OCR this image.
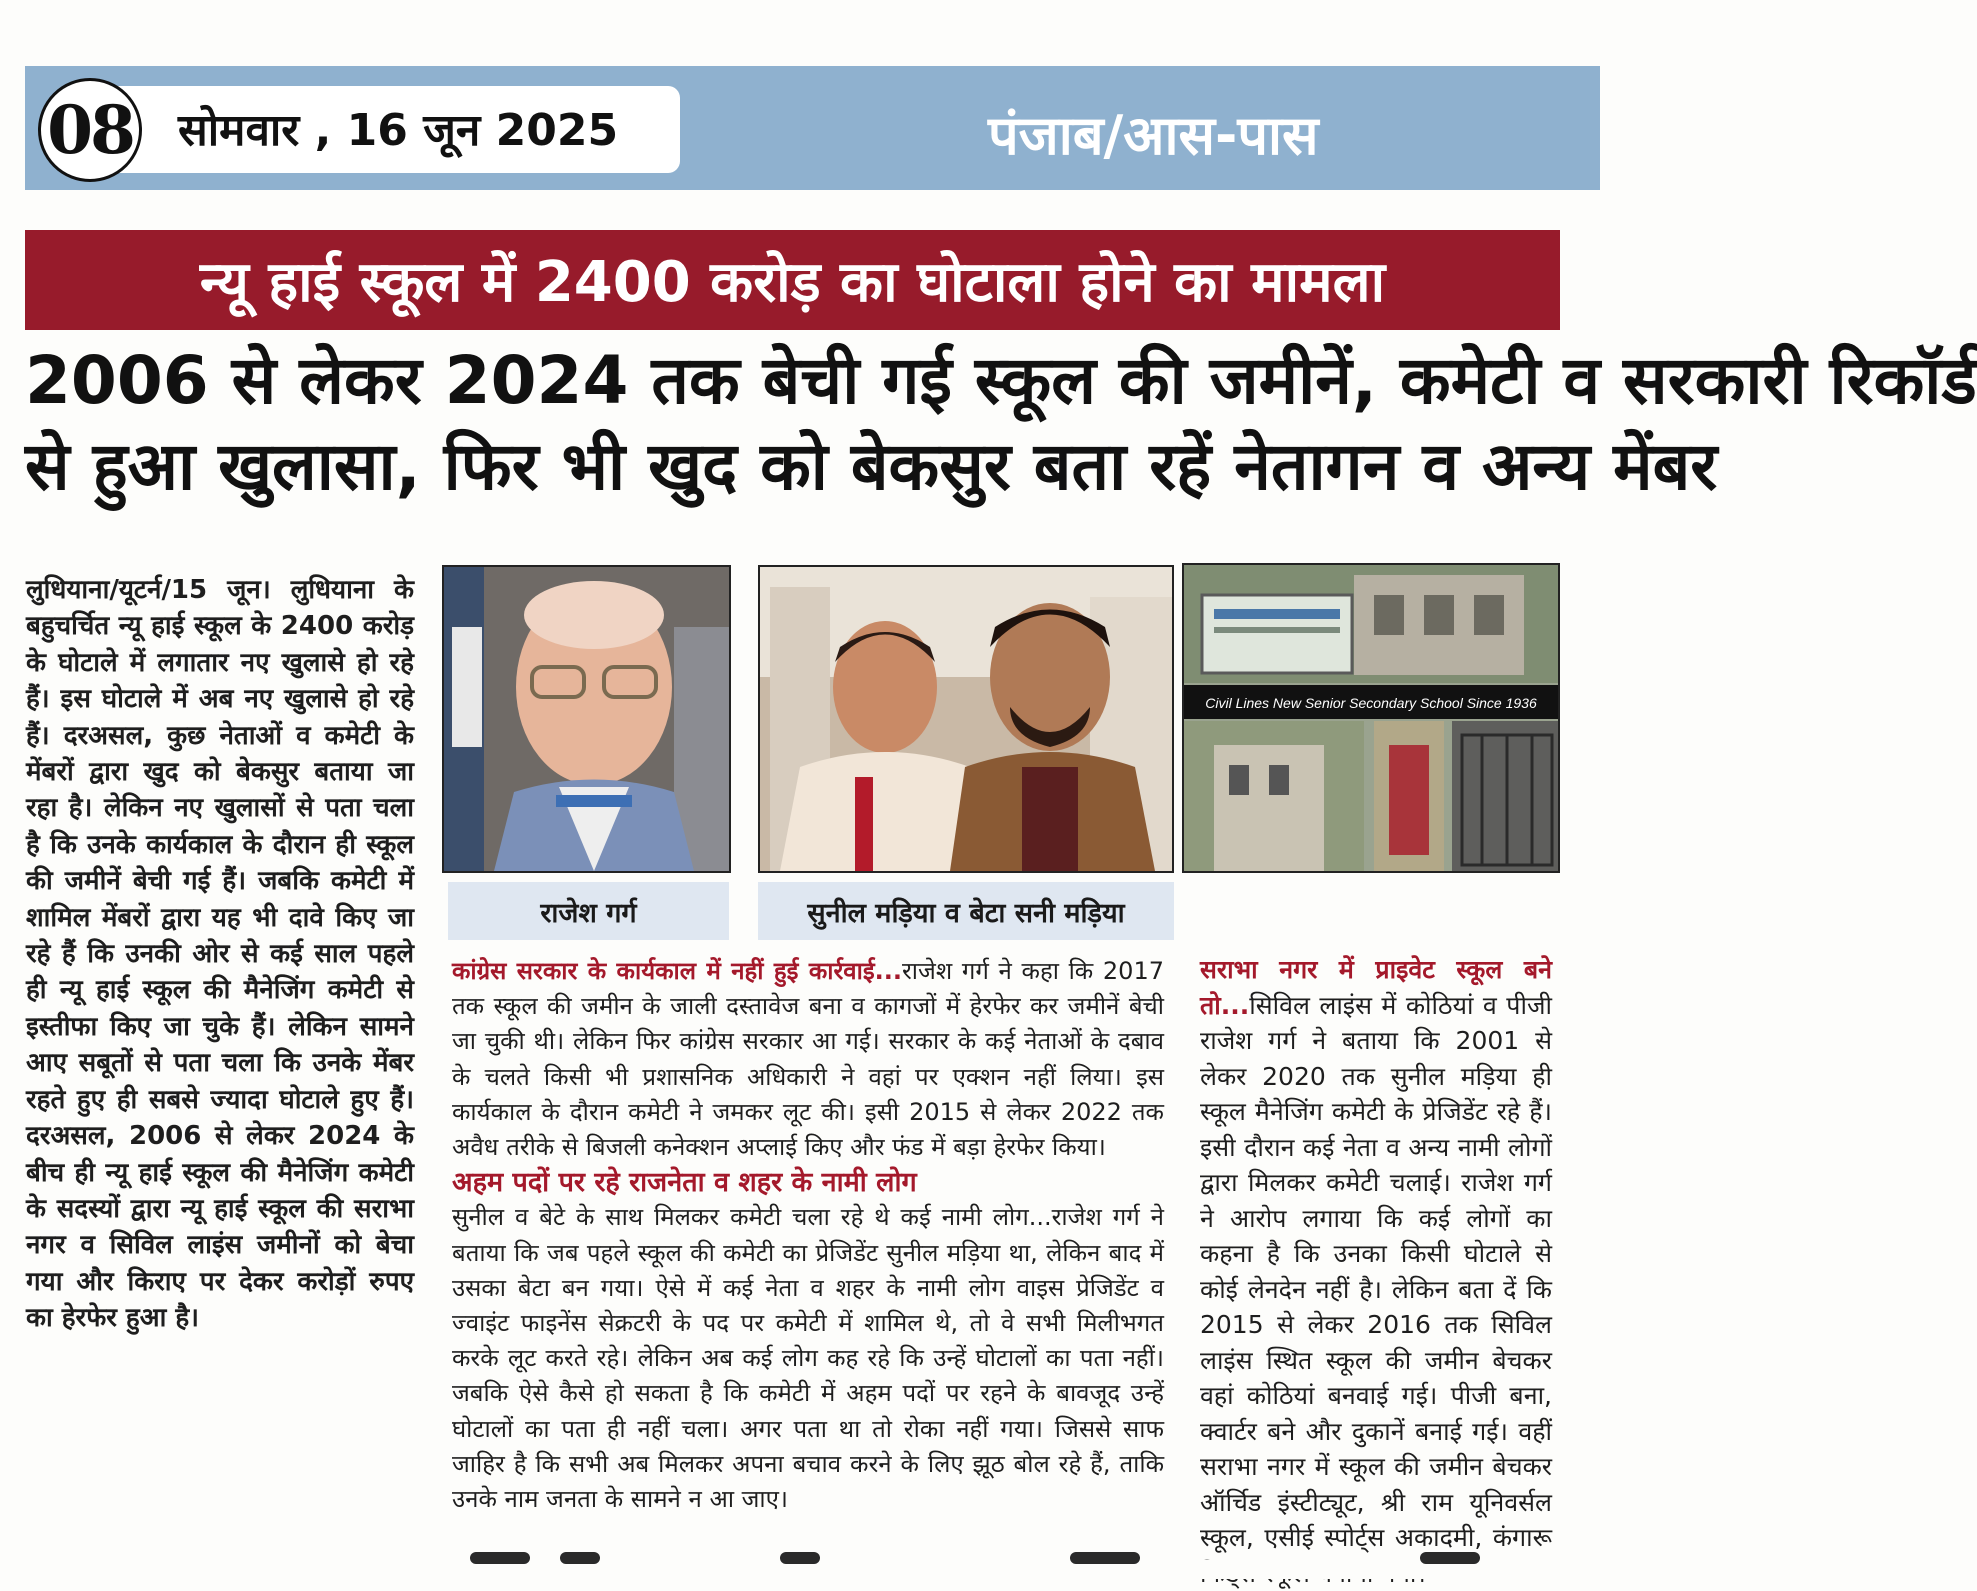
08 सोमवार , 16 जून 2025	पंजाब/आस-पास
न्यू हाई स्कूल में 2400 करोड़ का घोटाला होने का मामला
2006 से लेकर 2024 तक बेची गई स्कूल की जमीनें, कमेटी व सरकारी रिकॉर्ड
से हुआ खुलासा, फिर भी खुद को बेकसुर बता रहें नेतागन व अन्य मेंबर
लुधियाना/यूटर्न/15 जून। लुधियाना के बहुचर्चित न्यू हाई स्कूल के 2400 करोड़ के घोटाले में लगातार नए खुलासे हो रहे हैं। इस घोटाले में अब नए खुलासे हो रहे हैं। दरअसल, कुछ नेताओं व कमेटी के मेंबरों द्वारा खुद को बेकसुर बताया जा रहा है। लेकिन नए खुलासों से पता चला है कि उनके कार्यकाल के दौरान ही स्कूल की जमीनें बेची गई हैं। जबकि कमेटी में शामिल मेंबरों द्वारा यह भी दावे किए जा रहे हैं कि उनकी ओर से कई साल पहले ही न्यू हाई स्कूल की मैनेजिंग कमेटी से इस्तीफा किए जा चुके हैं। लेकिन सामने आए सबूतों से पता चला कि उनके मेंबर रहते हुए ही सबसे ज्यादा घोटाले हुए हैं। दरअसल, 2006 से लेकर 2024 के बीच ही न्यू हाई स्कूल की मैनेजिंग कमेटी के सदस्यों द्वारा न्यू हाई स्कूल की सराभा नगर व सिविल लाइंस जमीनों को बेचा गया और किराए पर देकर करोड़ों रुपए का हेरफेर हुआ है।
राजेश गर्ग	सुनील मड़िया व बेटा सनी मड़िया
Civil Lines New Senior Secondary School Since 1936
कांग्रेस सरकार के कार्यकाल में नहीं हुई कार्रवाई...राजेश गर्ग ने कहा कि 2017 तक स्कूल की जमीन के जाली दस्तावेज बना व कागजों में हेरफेर कर जमीनें बेची जा चुकी थी। लेकिन फिर कांग्रेस सरकार आ गई। सरकार के कई नेताओं के दबाव के चलते किसी भी प्रशासनिक अधिकारी ने वहां पर एक्शन नहीं लिया। इस कार्यकाल के दौरान कमेटी ने जमकर लूट की। इसी 2015 से लेकर 2022 तक अवैध तरीके से बिजली कनेक्शन अप्लाई किए और फंड में बड़ा हेरफेर किया।
अहम पदों पर रहे राजनेता व शहर के नामी लोग
सुनील व बेटे के साथ मिलकर कमेटी चला रहे थे कई नामी लोग...राजेश गर्ग ने बताया कि जब पहले स्कूल की कमेटी का प्रेजिडेंट सुनील मड़िया था, लेकिन बाद में उसका बेटा बन गया। ऐसे में कई नेता व शहर के नामी लोग वाइस प्रेजिडेंट व ज्वाइंट फाइनेंस सेक्रटरी के पद पर कमेटी में शामिल थे, तो वे सभी मिलीभगत करके लूट करते रहे। लेकिन अब कई लोग कह रहे कि उन्हें घोटालों का पता नहीं। जबकि ऐसे कैसे हो सकता है कि कमेटी में अहम पदों पर रहने के बावजूद उन्हें घोटालों का पता ही नहीं चला। अगर पता था तो रोका नहीं गया। जिससे साफ जाहिर है कि सभी अब मिलकर अपना बचाव करने के लिए झूठ बोल रहे हैं, ताकि उनके नाम जनता के सामने न आ जाए।
सराभा नगर में प्राइवेट स्कूल बने तो...सिविल लाइंस में कोठियां व पीजी राजेश गर्ग ने बताया कि 2001 से लेकर 2020 तक सुनील मड़िया ही स्कूल मैनेजिंग कमेटी के प्रेजिडेंट रहे हैं। इसी दौरान कई नेता व अन्य नामी लोगों द्वारा मिलकर कमेटी चलाई। राजेश गर्ग ने आरोप लगाया कि कई लोगों का कहना है कि उनका किसी घोटाले से कोई लेनदेन नहीं है। लेकिन बता दें कि 2015 से लेकर 2016 तक सिविल लाइंस स्थित स्कूल की जमीन बेचकर वहां कोठियां बनवाई गई। पीजी बना, क्वार्टर बने और दुकानें बनाई गई। वहीं सराभा नगर में स्कूल की जमीन बेचकर ऑर्चिड इंस्टीट्यूट, श्री राम यूनिवर्सल स्कूल, एसीई स्पोर्ट्स अकादमी, कंगारू
